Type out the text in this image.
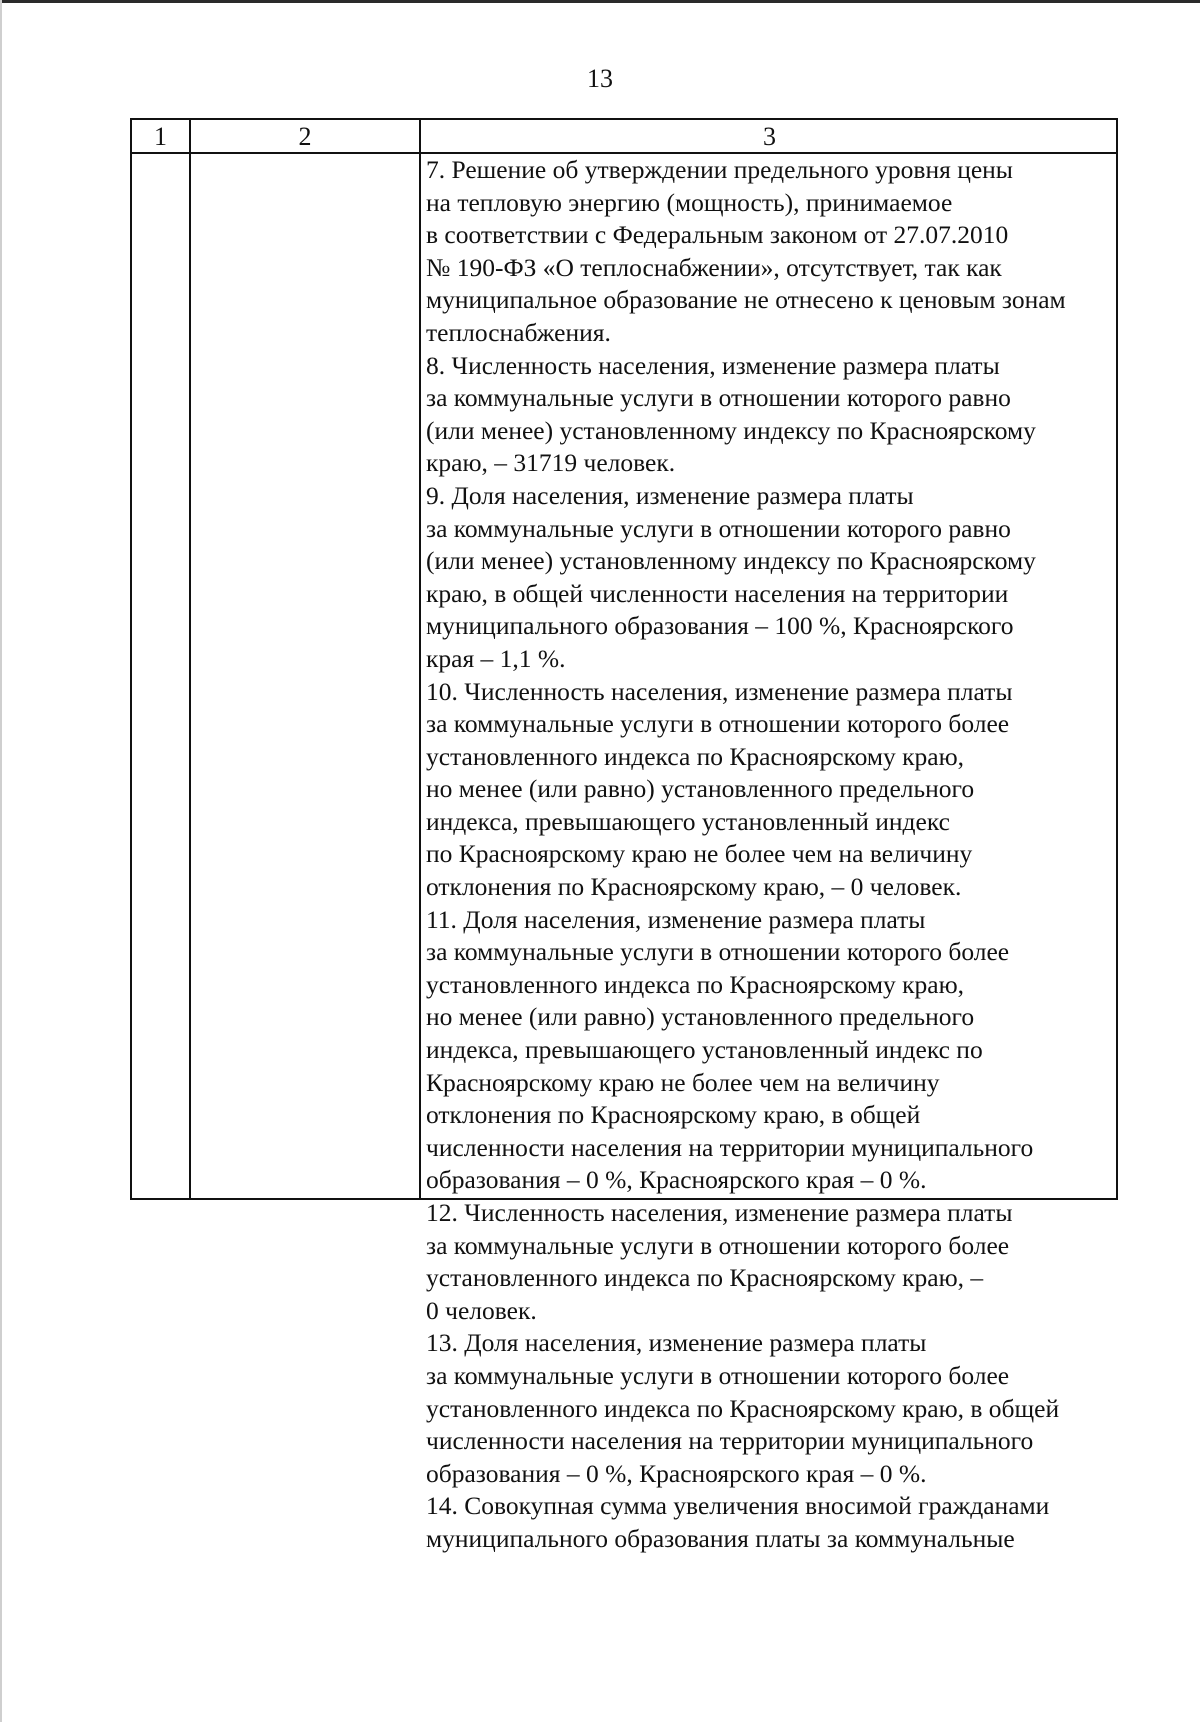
13
1	2	3
7. Решение об утверждении предельного уровня цены
на тепловую энергию (мощность), принимаемое
в соответствии с Федеральным законом от 27.07.2010
№ 190-ФЗ «О теплоснабжении», отсутствует, так как
муниципальное образование не отнесено к ценовым зонам
теплоснабжения.
8. Численность населения, изменение размера платы
за коммунальные услуги в отношении которого равно
(или менее) установленному индексу по Красноярскому
краю, – 31719 человек.
9. Доля населения, изменение размера платы
за коммунальные услуги в отношении которого равно
(или менее) установленному индексу по Красноярскому
краю, в общей численности населения на территории
муниципального образования – 100 %, Красноярского
края – 1,1 %.
10. Численность населения, изменение размера платы
за коммунальные услуги в отношении которого более
установленного индекса по Красноярскому краю,
но менее (или равно) установленного предельного
индекса, превышающего установленный индекс
по Красноярскому краю не более чем на величину
отклонения по Красноярскому краю, – 0 человек.
11. Доля населения, изменение размера платы
за коммунальные услуги в отношении которого более
установленного индекса по Красноярскому краю,
но менее (или равно) установленного предельного
индекса, превышающего установленный индекс по
Красноярскому краю не более чем на величину
отклонения по Красноярскому краю, в общей
численности населения на территории муниципального
образования – 0 %, Красноярского края – 0 %.
12. Численность населения, изменение размера платы
за коммунальные услуги в отношении которого более
установленного индекса по Красноярскому краю, –
0 человек.
13. Доля населения, изменение размера платы
за коммунальные услуги в отношении которого более
установленного индекса по Красноярскому краю, в общей
численности населения на территории муниципального
образования – 0 %, Красноярского края – 0 %.
14. Совокупная сумма увеличения вносимой гражданами
муниципального образования платы за коммунальные
